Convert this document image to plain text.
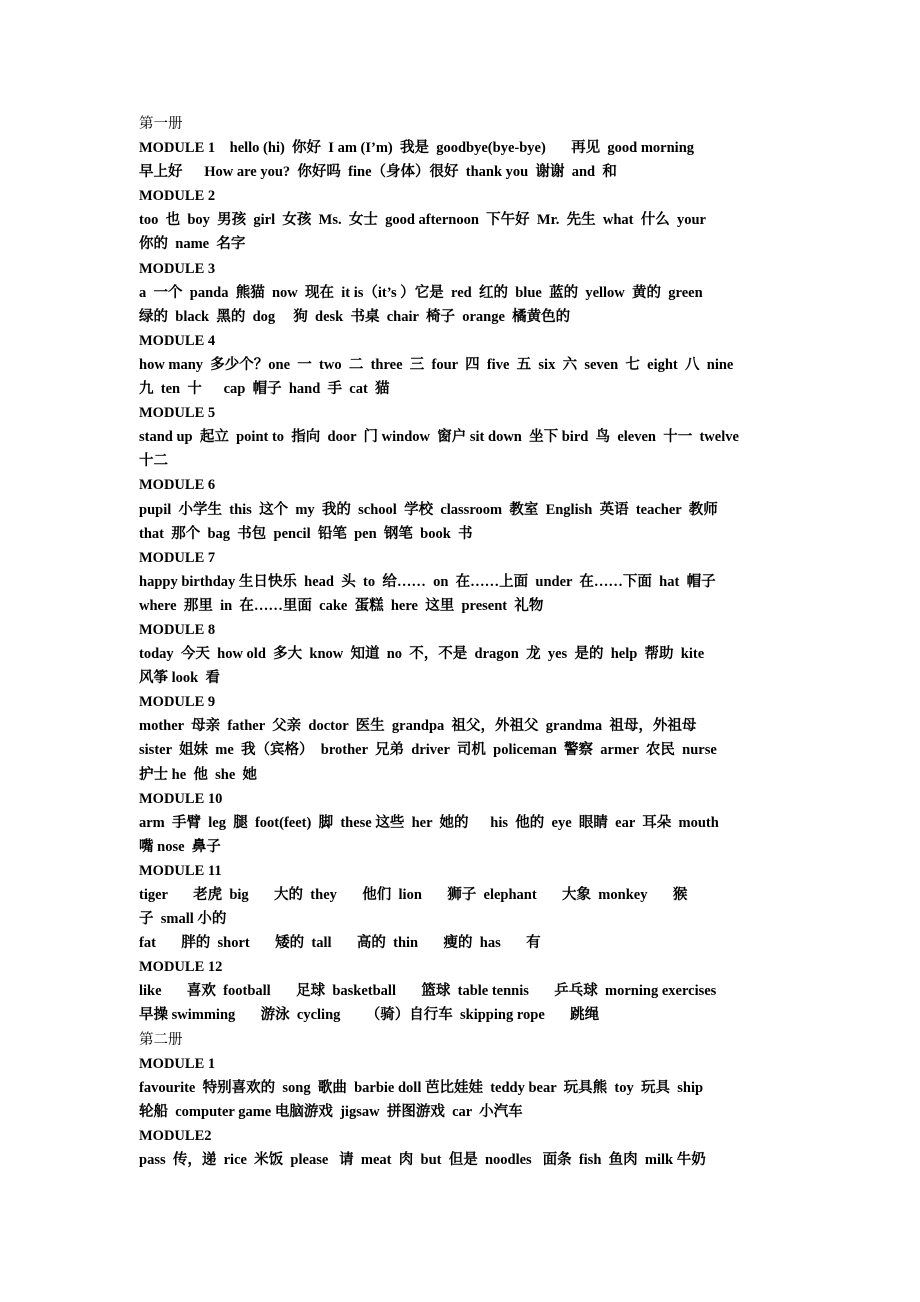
第一册
MODULE 1    hello (hi)  你好  I am (I’m)  我是  goodbye(bye-bye)       再见  good morning
早上好      How are you?  你好吗  fine（身体）很好  thank you  谢谢  and  和
MODULE 2
too  也  boy  男孩  girl  女孩  Ms.  女士  good afternoon  下午好  Mr.  先生  what  什么  your
你的  name  名字
MODULE 3
a  一个  panda  熊猫  now  现在  it is（it’s ）它是  red  红的  blue  蓝的  yellow  黄的  green
绿的  black  黑的  dog     狗  desk  书桌  chair  椅子  orange  橘黄色的
MODULE 4
how many  多少个？one  一  two  二  three  三  four  四  five  五  six  六  seven  七  eight  八  nine
九  ten  十      cap  帽子  hand  手  cat  猫
MODULE 5
stand up  起立  point to  指向  door  门 window  窗户 sit down  坐下 bird  鸟  eleven  十一  twelve
十二
MODULE 6
pupil  小学生  this  这个  my  我的  school  学校  classroom  教室  English  英语  teacher  教师
that  那个  bag  书包  pencil  铅笔  pen  钢笔  book  书
MODULE 7
happy birthday 生日快乐  head  头  to  给……  on  在……上面  under  在……下面  hat  帽子
where  那里  in  在……里面  cake  蛋糕  here  这里  present  礼物
MODULE 8
today  今天  how old  多大  know  知道  no  不，不是  dragon  龙  yes  是的  help  帮助  kite
风筝 look  看
MODULE 9
mother  母亲  father  父亲  doctor  医生  grandpa  祖父，外祖父  grandma  祖母，外祖母
sister  姐妹  me  我（宾格）  brother  兄弟  driver  司机  policeman  警察  armer  农民  nurse
护士 he  他  she  她
MODULE 10
arm  手臂  leg  腿  foot(feet)  脚  these 这些  her  她的      his  他的  eye  眼睛  ear  耳朵  mouth
嘴 nose  鼻子
MODULE 11
tiger       老虎  big       大的  they       他们  lion       狮子  elephant       大象  monkey       猴
子  small 小的
fat       胖的  short       矮的  tall       高的  thin       瘦的  has       有
MODULE 12
like       喜欢  football       足球  basketball       篮球  table tennis       乒乓球  morning exercises
早操 swimming       游泳  cycling       （骑）自行车  skipping rope       跳绳
第二册
MODULE 1
favourite  特别喜欢的  song  歌曲  barbie doll 芭比娃娃  teddy bear  玩具熊  toy  玩具  ship
轮船  computer game 电脑游戏  jigsaw  拼图游戏  car  小汽车
MODULE2
pass  传，递  rice  米饭  please   请  meat  肉  but  但是  noodles   面条  fish  鱼肉  milk 牛奶
